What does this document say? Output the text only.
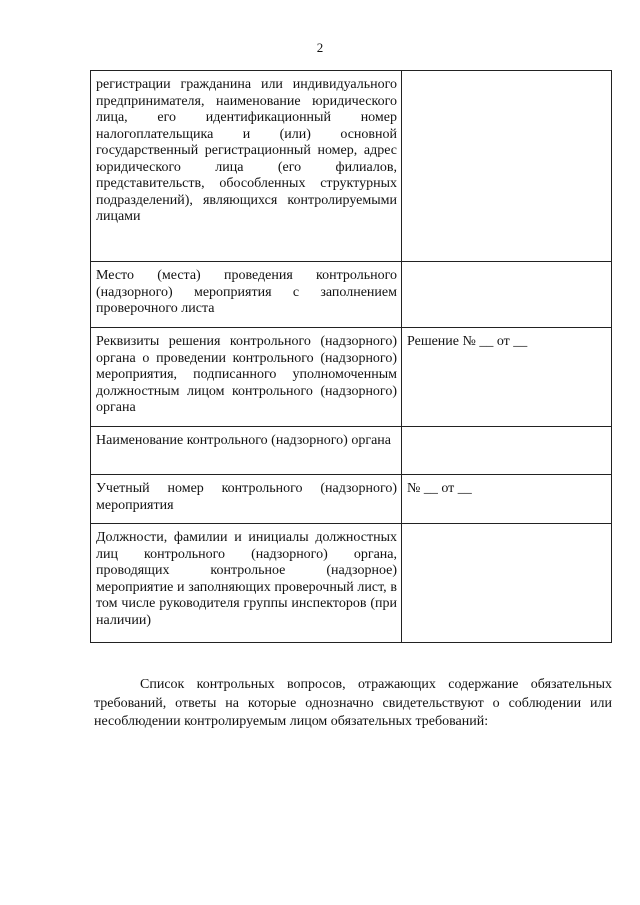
2
регистрации гражданина или индивидуального предпринимателя, наименование юридического лица, его идентификационный номер налогоплательщика и (или) основной государственный регистрационный номер, адрес юридического лица (его филиалов, представительств, обособленных структурных подразделений), являющихся контролируемыми лицами	
Место (места) проведения контрольного (надзорного) мероприятия с заполнением проверочного листа	
Реквизиты решения контрольного (надзорного) органа о проведении контрольного (надзорного) мероприятия, подписанного уполномоченным должностным лицом контрольного (надзорного) органа	Решение № __ от __
Наименование контрольного (надзорного) органа	
Учетный номер контрольного (надзорного) мероприятия	№ __ от __
Должности, фамилии и инициалы должностных лиц контрольного (надзорного) органа, проводящих контрольное (надзорное) мероприятие и заполняющих проверочный лист, в том числе руководителя группы инспекторов (при наличии)	
Список контрольных вопросов, отражающих содержание обязательных требований, ответы на которые однозначно свидетельствуют о соблюдении или несоблюдении контролируемым лицом обязательных требований:
